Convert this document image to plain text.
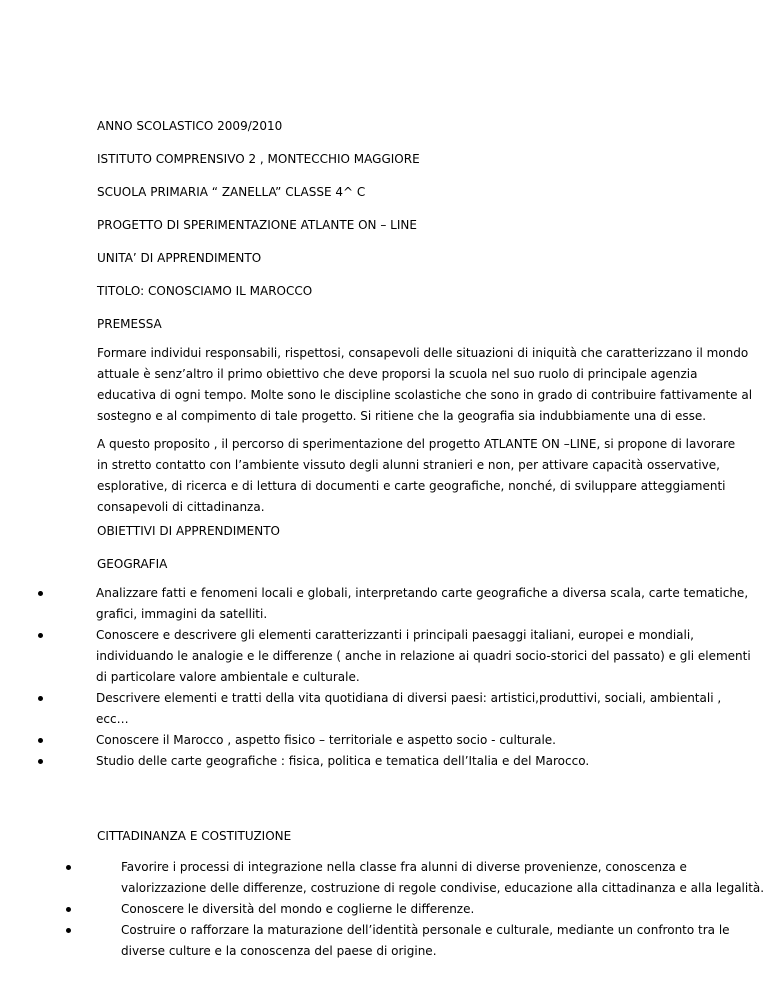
ANNO SCOLASTICO 2009/2010
ISTITUTO COMPRENSIVO 2 , MONTECCHIO MAGGIORE
SCUOLA PRIMARIA “ ZANELLA” CLASSE 4^ C
PROGETTO DI SPERIMENTAZIONE ATLANTE ON – LINE
UNITA’ DI APPRENDIMENTO
TITOLO: CONOSCIAMO IL MAROCCO
PREMESSA
Formare individui responsabili, rispettosi, consapevoli delle situazioni di iniquità che caratterizzano il mondo
attuale è senz’altro il primo obiettivo che deve proporsi la scuola nel suo ruolo di principale agenzia
educativa di ogni tempo. Molte sono le discipline scolastiche che sono in grado di contribuire fattivamente al
sostegno e al compimento di tale progetto. Si ritiene che la geografia sia indubbiamente una di esse.
A questo proposito , il percorso di sperimentazione del progetto ATLANTE ON –LINE, si propone di lavorare
in stretto contatto con l’ambiente vissuto degli alunni stranieri e non, per attivare capacità osservative,
esplorative, di ricerca e di lettura di documenti e carte geografiche, nonché, di sviluppare atteggiamenti
consapevoli di cittadinanza.
OBIETTIVI DI APPRENDIMENTO
GEOGRAFIA
Analizzare fatti e fenomeni locali e globali, interpretando carte geografiche a diversa scala, carte tematiche,
grafici, immagini da satelliti.
Conoscere e descrivere gli elementi caratterizzanti i principali paesaggi italiani, europei e mondiali,
individuando le analogie e le differenze ( anche in relazione ai quadri socio-storici del passato) e gli elementi
di particolare valore ambientale e culturale.
Descrivere elementi e tratti della vita quotidiana di diversi paesi: artistici,produttivi, sociali, ambientali ,
ecc…
Conoscere il Marocco , aspetto fisico – territoriale e aspetto socio - culturale.
Studio delle carte geografiche : fisica, politica e tematica dell’Italia e del Marocco.
CITTADINANZA E COSTITUZIONE
Favorire i processi di integrazione nella classe fra alunni di diverse provenienze, conoscenza e
valorizzazione delle differenze, costruzione di regole condivise, educazione alla cittadinanza e alla legalità.
Conoscere le diversità del mondo e coglierne le differenze.
Costruire o rafforzare la maturazione dell’identità personale e culturale, mediante un confronto tra le
diverse culture e la conoscenza del paese di origine.
